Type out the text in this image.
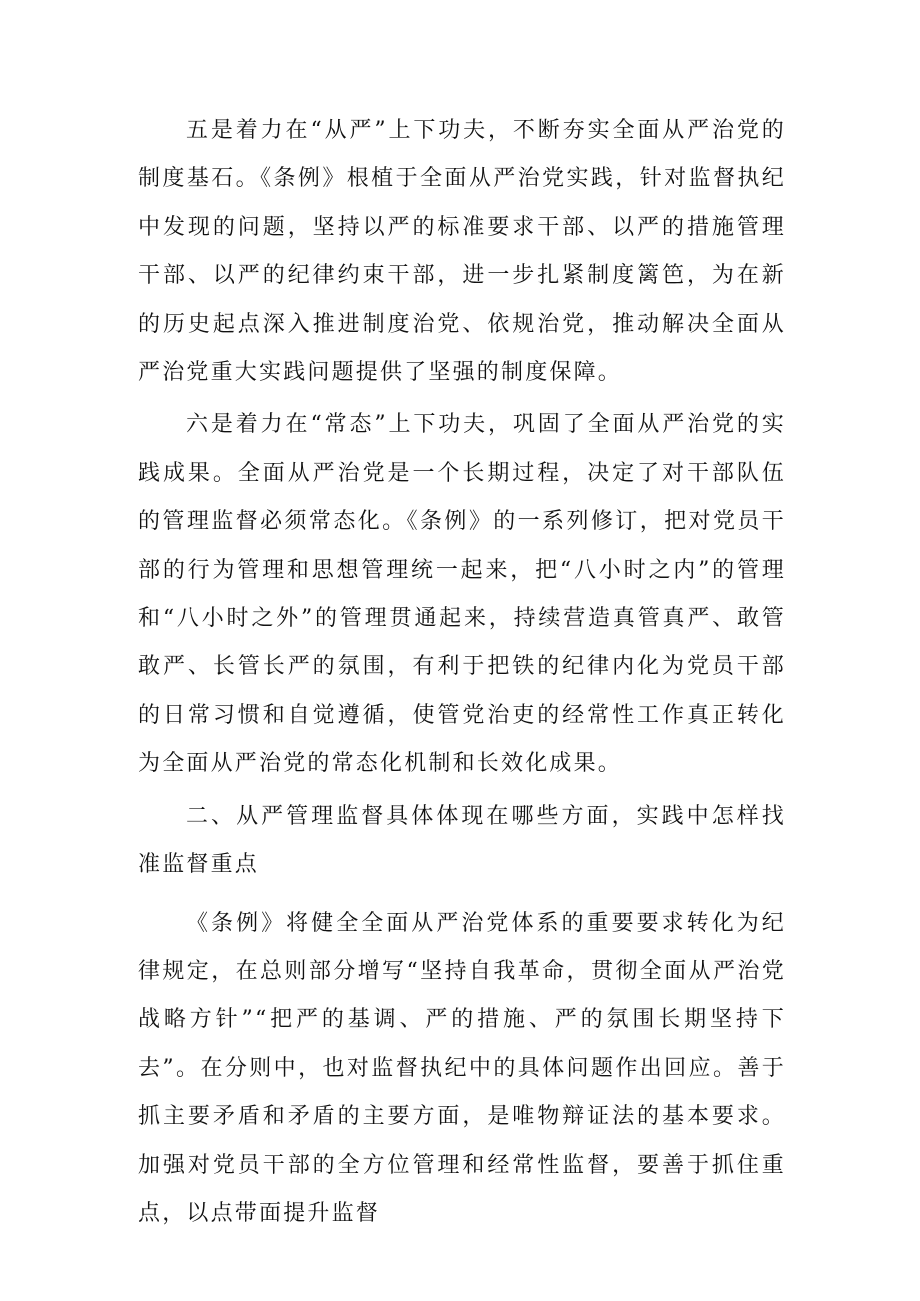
五是着力在“从严”上下功夫，不断夯实全面从严治党的制度基石。《条例》根植于全面从严治党实践，针对监督执纪中发现的问题，坚持以严的标准要求干部、以严的措施管理干部、以严的纪律约束干部，进一步扎紧制度篱笆，为在新的历史起点深入推进制度治党、依规治党，推动解决全面从严治党重大实践问题提供了坚强的制度保障。

六是着力在“常态”上下功夫，巩固了全面从严治党的实践成果。全面从严治党是一个长期过程，决定了对干部队伍的管理监督必须常态化。《条例》的一系列修订，把对党员干部的行为管理和思想管理统一起来，把“八小时之内”的管理和“八小时之外”的管理贯通起来，持续营造真管真严、敢管敢严、长管长严的氛围，有利于把铁的纪律内化为党员干部的日常习惯和自觉遵循，使管党治吏的经常性工作真正转化为全面从严治党的常态化机制和长效化成果。

二、从严管理监督具体体现在哪些方面，实践中怎样找准监督重点

《条例》将健全全面从严治党体系的重要要求转化为纪律规定，在总则部分增写“坚持自我革命，贯彻全面从严治党战略方针”“把严的基调、严的措施、严的氛围长期坚持下去”。在分则中，也对监督执纪中的具体问题作出回应。善于抓主要矛盾和矛盾的主要方面，是唯物辩证法的基本要求。加强对党员干部的全方位管理和经常性监督，要善于抓住重点，以点带面提升监督
